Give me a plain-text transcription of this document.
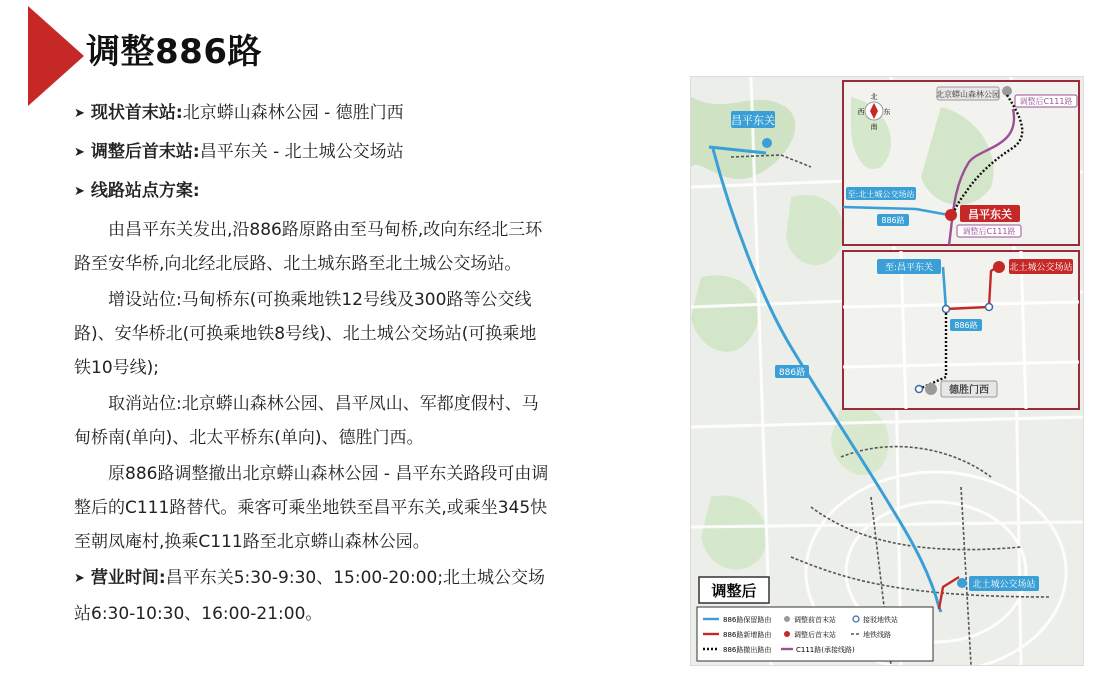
调整886路

➤ 现状首末站:北京蟒山森林公园 - 德胜门西

➤ 调整后首末站:昌平东关 - 北土城公交场站

➤ 线路站点方案:

由昌平东关发出,沿886路原路由至马甸桥,改向东经北三环路至安华桥,向北经北辰路、北土城东路至北土城公交场站。

增设站位:马甸桥东(可换乘地铁12号线及300路等公交线路)、安华桥北(可换乘地铁8号线)、北土城公交场站(可换乘地铁10号线);

取消站位:北京蟒山森林公园、昌平凤山、军都度假村、马甸桥南(单向)、北太平桥东(单向)、德胜门西。

原886路调整撤出北京蟒山森林公园 - 昌平东关路段可由调整后的C111路替代。乘客可乘坐地铁至昌平东关,或乘坐345快至朝凤庵村,换乘C111路至北京蟒山森林公园。

➤ 营业时间:昌平东关5:30-9:30、15:00-20:00;北土城公交场站6:30-10:30、16:00-21:00。

昌平东关
北土城公交场站
886路
北
西	东
南
北京蟒山森林公园
调整后C111路
至:北土城公交场站
886路	昌平东关
调整后C111路
至:昌平东关	北土城公交场站
886路
德胜门西
调整后
886路保留路由	调整前首末站	接驳地铁站
886路新增路由	调整后首末站	地铁线路
886路撤出路由	C111路(承接线路)
